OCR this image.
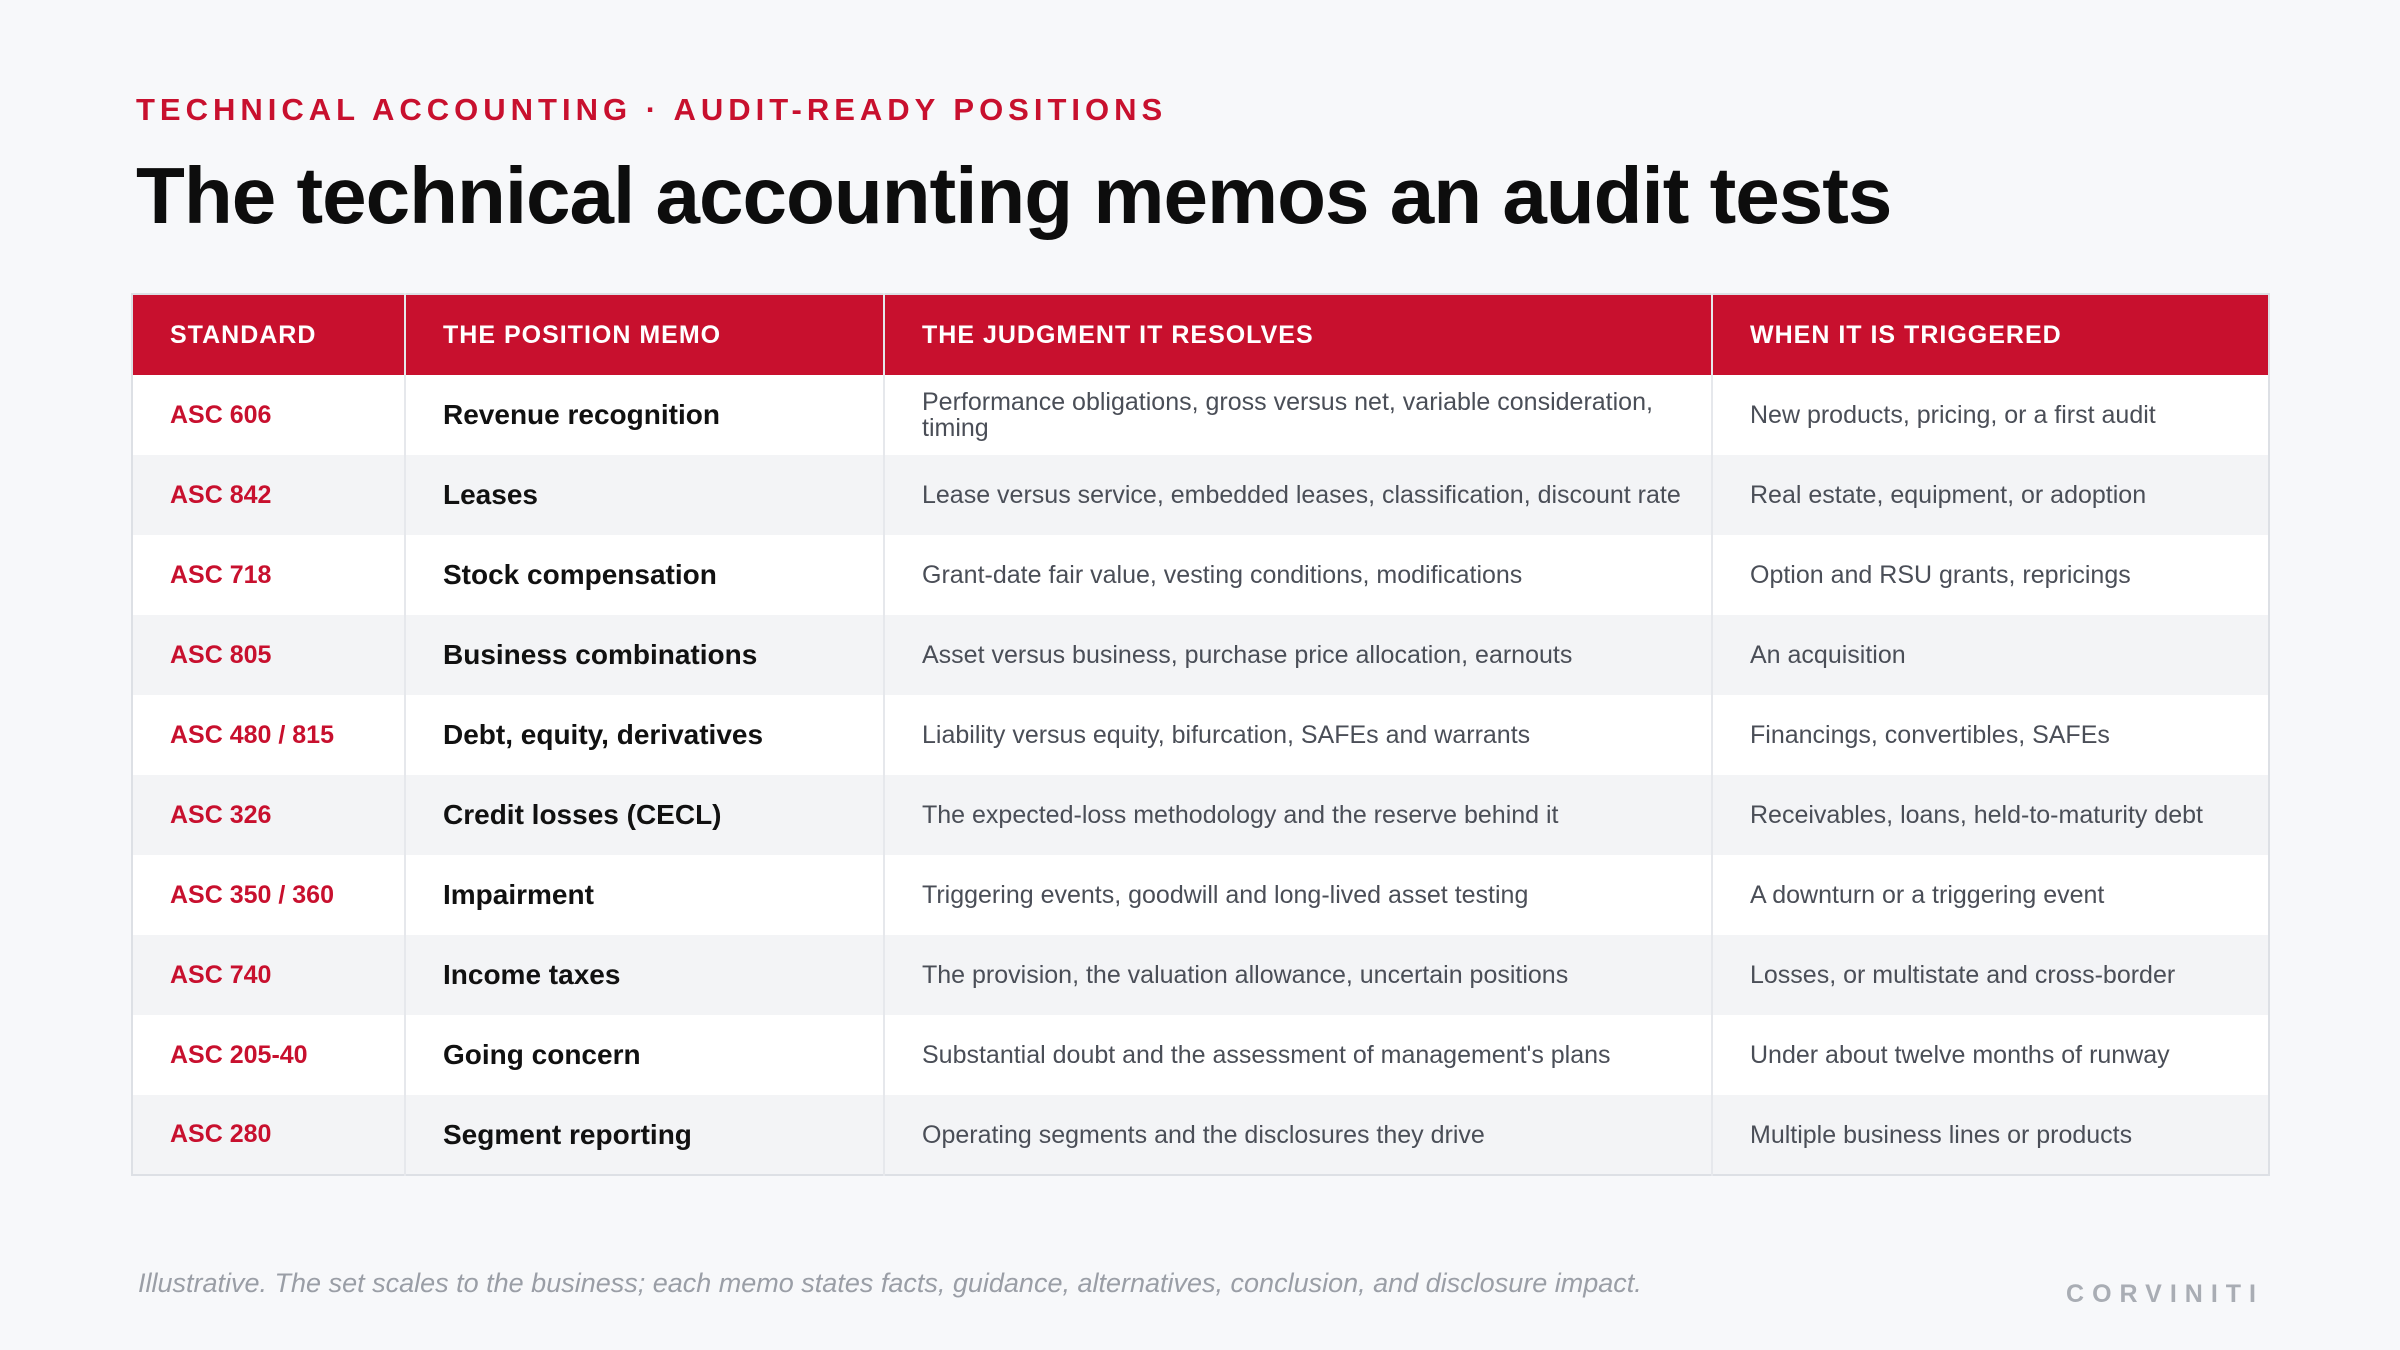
TECHNICAL ACCOUNTING · AUDIT-READY POSITIONS
The technical accounting memos an audit tests
STANDARD	THE POSITION MEMO	THE JUDGMENT IT RESOLVES	WHEN IT IS TRIGGERED
ASC 606	Revenue recognition	Performance obligations, gross versus net, variable consideration, timing	New products, pricing, or a first audit
ASC 842	Leases	Lease versus service, embedded leases, classification, discount rate	Real estate, equipment, or adoption
ASC 718	Stock compensation	Grant-date fair value, vesting conditions, modifications	Option and RSU grants, repricings
ASC 805	Business combinations	Asset versus business, purchase price allocation, earnouts	An acquisition
ASC 480 / 815	Debt, equity, derivatives	Liability versus equity, bifurcation, SAFEs and warrants	Financings, convertibles, SAFEs
ASC 326	Credit losses (CECL)	The expected-loss methodology and the reserve behind it	Receivables, loans, held-to-maturity debt
ASC 350 / 360	Impairment	Triggering events, goodwill and long-lived asset testing	A downturn or a triggering event
ASC 740	Income taxes	The provision, the valuation allowance, uncertain positions	Losses, or multistate and cross-border
ASC 205-40	Going concern	Substantial doubt and the assessment of management's plans	Under about twelve months of runway
ASC 280	Segment reporting	Operating segments and the disclosures they drive	Multiple business lines or products
Illustrative. The set scales to the business; each memo states facts, guidance, alternatives, conclusion, and disclosure impact.	CORVINITI
